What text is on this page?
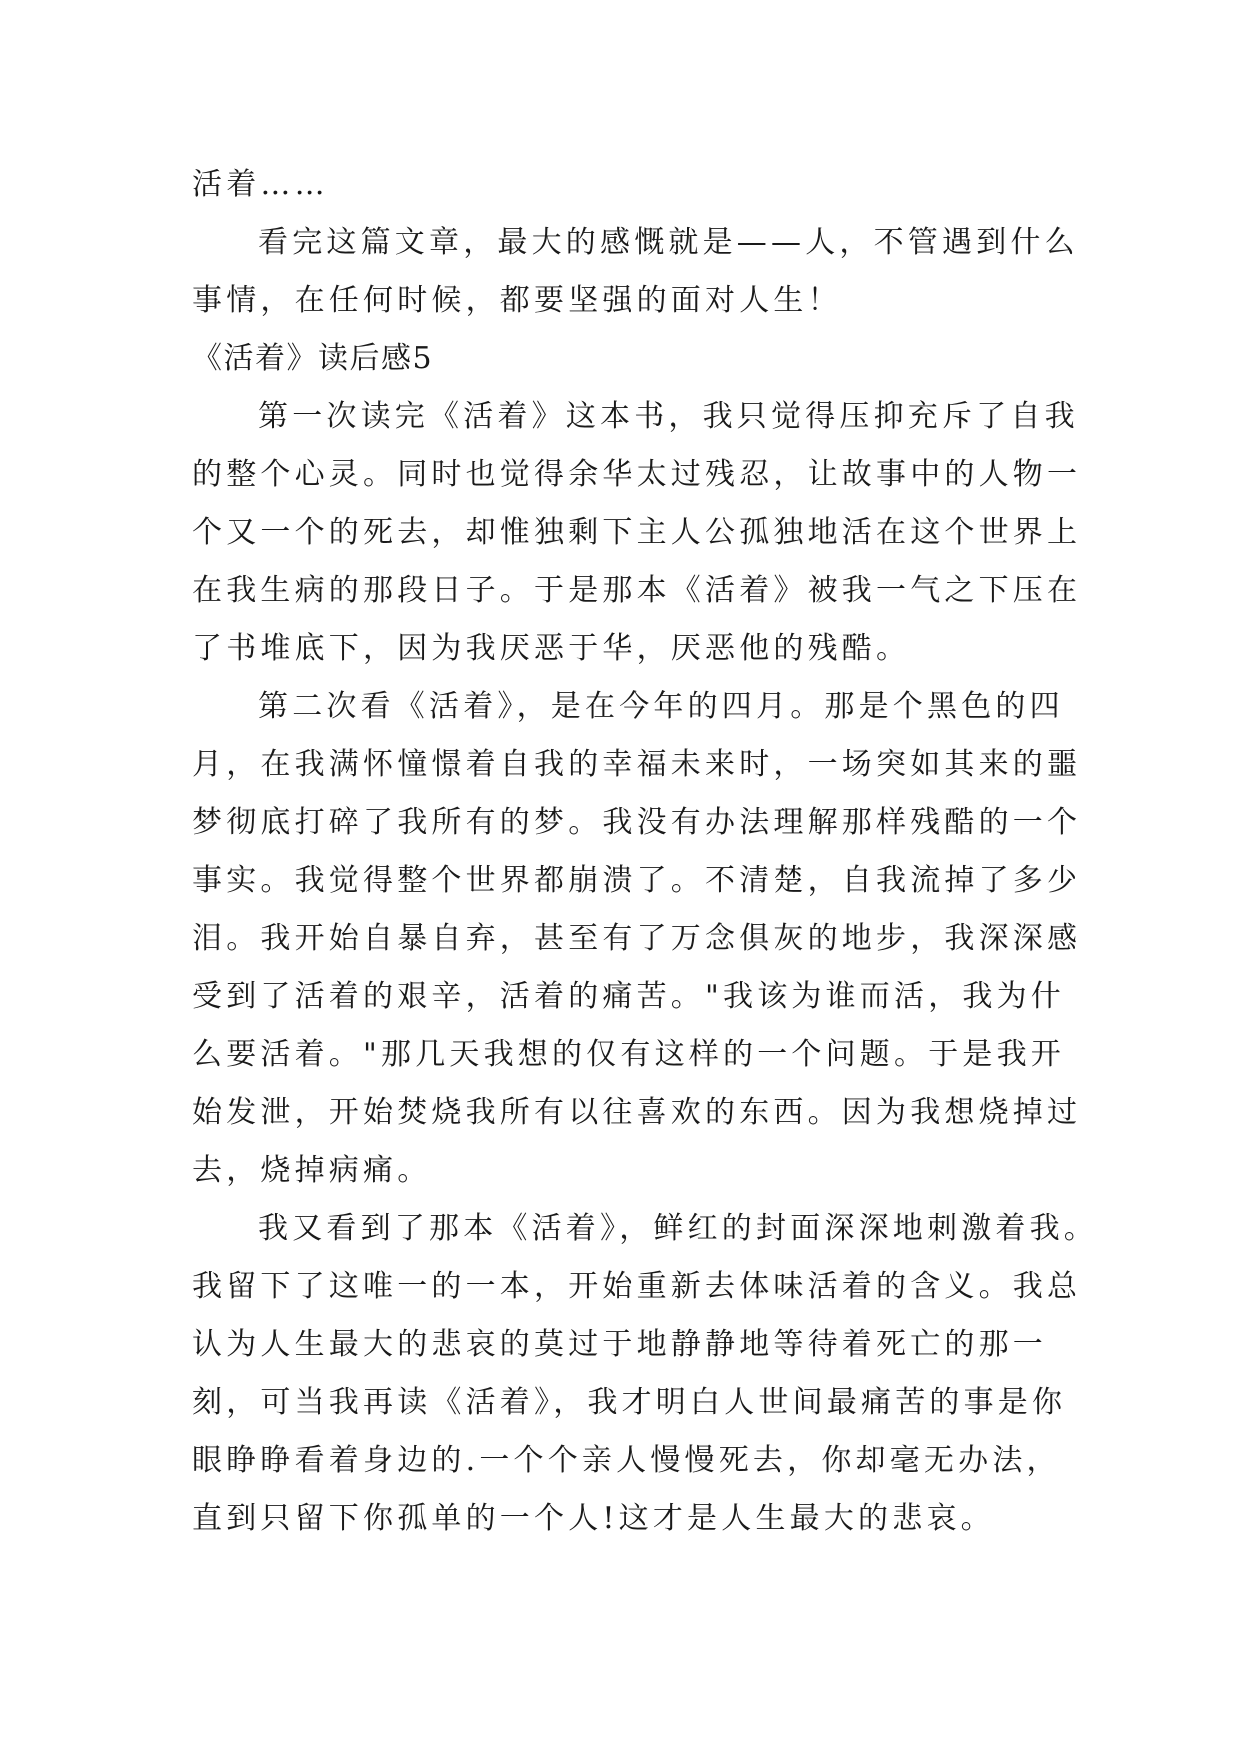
活着……

看完这篇文章，最大的感慨就是——人，不管遇到什么

事情，在任何时候，都要坚强的面对人生！

《活着》读后感5

第一次读完《活着》这本书，我只觉得压抑充斥了自我

的整个心灵。同时也觉得余华太过残忍，让故事中的人物一

个又一个的死去，却惟独剩下主人公孤独地活在这个世界上

在我生病的那段日子。于是那本《活着》被我一气之下压在

了书堆底下，因为我厌恶于华，厌恶他的残酷。

第二次看《活着》，是在今年的四月。那是个黑色的四

月，在我满怀憧憬着自我的幸福未来时，一场突如其来的噩

梦彻底打碎了我所有的梦。我没有办法理解那样残酷的一个

事实。我觉得整个世界都崩溃了。不清楚，自我流掉了多少

泪。我开始自暴自弃，甚至有了万念俱灰的地步，我深深感

受到了活着的艰辛，活着的痛苦。"我该为谁而活，我为什

么要活着。"那几天我想的仅有这样的一个问题。于是我开

始发泄，开始焚烧我所有以往喜欢的东西。因为我想烧掉过

去，烧掉病痛。

我又看到了那本《活着》，鲜红的封面深深地刺激着我。

我留下了这唯一的一本，开始重新去体味活着的含义。我总

认为人生最大的悲哀的莫过于地静静地等待着死亡的那一

刻，可当我再读《活着》，我才明白人世间最痛苦的事是你

眼睁睁看着身边的.一个个亲人慢慢死去，你却毫无办法，

直到只留下你孤单的一个人!这才是人生最大的悲哀。
